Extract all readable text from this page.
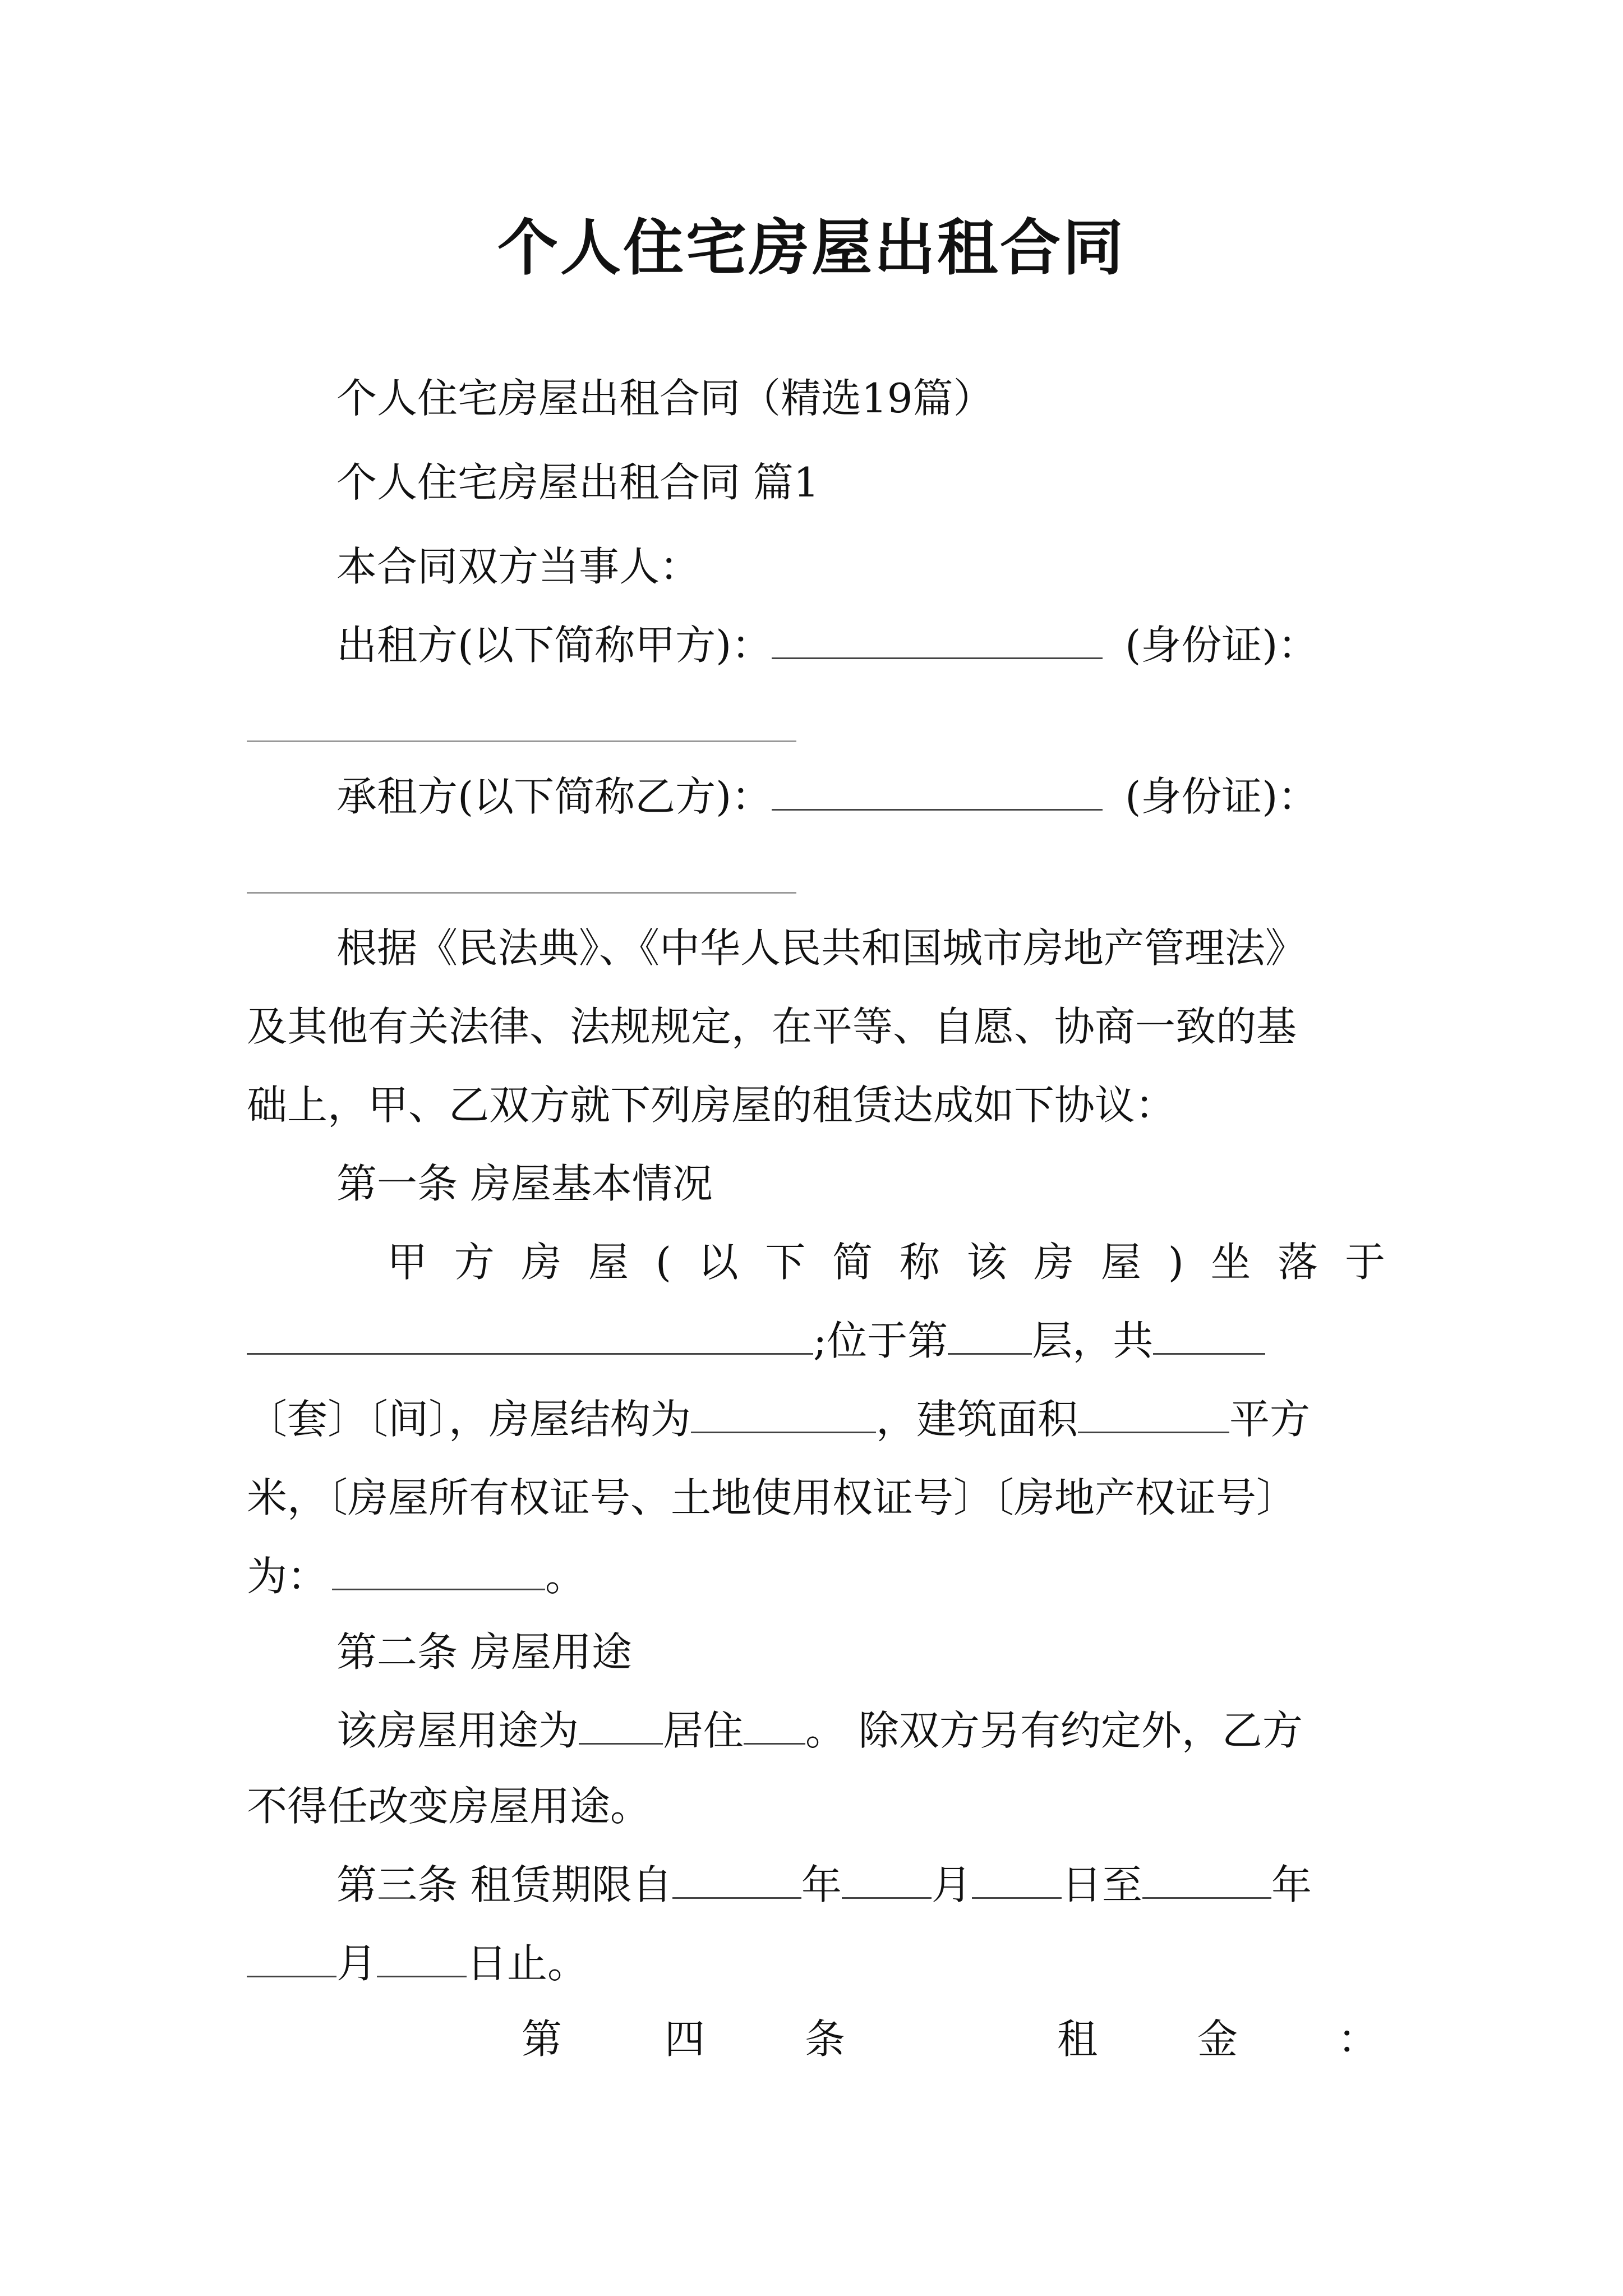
个人住宅房屋出租合同
个人住宅房屋出租合同（精选19篇）
个人住宅房屋出租合同 篇1
本合同双方当事人：
出租方(以下简称甲方)：	(身份证)：
承租方(以下简称乙方)：	(身份证)：
根据《民法典》、《中华人民共和国城市房地产管理法》
及其他有关法律、法规规定，在平等、自愿、协商一致的基
础上，甲、乙双方就下列房屋的租赁达成如下协议：
第一条 房屋基本情况
甲 方 房 屋 ( 以 下 简 称 该 房 屋 ) 坐 落 于
;位于第 层，共
〔套〕〔间〕，房屋结构为	，建筑面积	平方
米，〔房屋所有权证号、土地使用权证号〕〔房地产权证号〕
为：	。
第二条 房屋用途
该房屋用途为 居住 。 除双方另有约定外，乙方
不得任改变房屋用途。
第三条 租赁期限自	年 月 日至	年
月 日止。
第	四 条	租 金 ：
